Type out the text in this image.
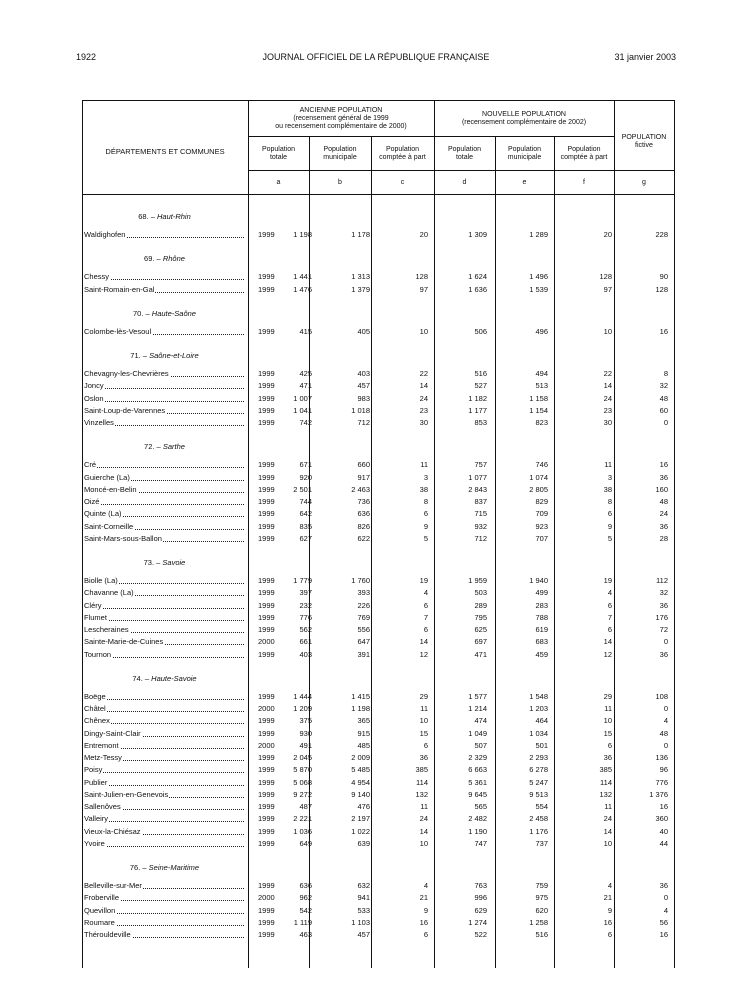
1922	JOURNAL OFFICIEL DE LA RÉPUBLIQUE FRANÇAISE	31 janvier 2003
DÉPARTEMENTS ET COMMUNES
ANCIENNE POPULATION
(recensement général de 1999
ou recensement complémentaire de 2000)
NOUVELLE POPULATION
(recensement complémentaire de 2002)
POPULATION
fictive
Population
totale
Population
municipale
Population
comptée à part
Population
totale
Population
municipale
Population
comptée à part
a	b	c	d	e	f	g
68. – Haut-Rhin
Waldighofen	1999	1 198	1 178	20	1 309	1 289	20	228
69. – Rhône
Chessy	1999	1 441	1 313	128	1 624	1 496	128	90
Saint-Romain-en-Gal	1999	1 476	1 379	97	1 636	1 539	97	128
70. – Haute-Saône
Colombe-lès-Vesoul	1999	415	405	10	506	496	10	16
71. – Saône-et-Loire
Chevagny-les-Chevrières	1999	425	403	22	516	494	22	8
Joncy	1999	471	457	14	527	513	14	32
Oslon	1999	1 007	983	24	1 182	1 158	24	48
Saint-Loup-de-Varennes	1999	1 041	1 018	23	1 177	1 154	23	60
Vinzelles	1999	742	712	30	853	823	30	0
72. – Sarthe
Cré	1999	671	660	11	757	746	11	16
Guierche (La)	1999	920	917	3	1 077	1 074	3	36
Moncé-en-Belin	1999	2 501	2 463	38	2 843	2 805	38	160
Oizé	1999	744	736	8	837	829	8	48
Quinte (La)	1999	642	636	6	715	709	6	24
Saint-Corneille	1999	835	826	9	932	923	9	36
Saint-Mars-sous-Ballon	1999	627	622	5	712	707	5	28
73. – Savoie
Biolle (La)	1999	1 779	1 760	19	1 959	1 940	19	112
Chavanne (La)	1999	397	393	4	503	499	4	32
Cléry	1999	232	226	6	289	283	6	36
Flumet	1999	776	769	7	795	788	7	176
Lescheraines	1999	562	556	6	625	619	6	72
Sainte-Marie-de-Cuines	2000	661	647	14	697	683	14	0
Tournon	1999	403	391	12	471	459	12	36
74. – Haute-Savoie
Boëge	1999	1 444	1 415	29	1 577	1 548	29	108
Châtel	2000	1 209	1 198	11	1 214	1 203	11	0
Chênex	1999	375	365	10	474	464	10	4
Dingy-Saint-Clair	1999	930	915	15	1 049	1 034	15	48
Entremont	2000	491	485	6	507	501	6	0
Metz-Tessy	1999	2 045	2 009	36	2 329	2 293	36	136
Poisy	1999	5 870	5 485	385	6 663	6 278	385	96
Publier	1999	5 068	4 954	114	5 361	5 247	114	776
Saint-Julien-en-Genevois	1999	9 272	9 140	132	9 645	9 513	132	1 376
Sallenôves	1999	487	476	11	565	554	11	16
Valleiry	1999	2 221	2 197	24	2 482	2 458	24	360
Vieux-la-Chiésaz	1999	1 036	1 022	14	1 190	1 176	14	40
Yvoire	1999	649	639	10	747	737	10	44
76. – Seine-Maritime
Belleville-sur-Mer	1999	636	632	4	763	759	4	36
Froberville	2000	962	941	21	996	975	21	0
Quevillon	1999	542	533	9	629	620	9	4
Roumare	1999	1 119	1 103	16	1 274	1 258	16	56
Thérouldeville	1999	463	457	6	522	516	6	16
